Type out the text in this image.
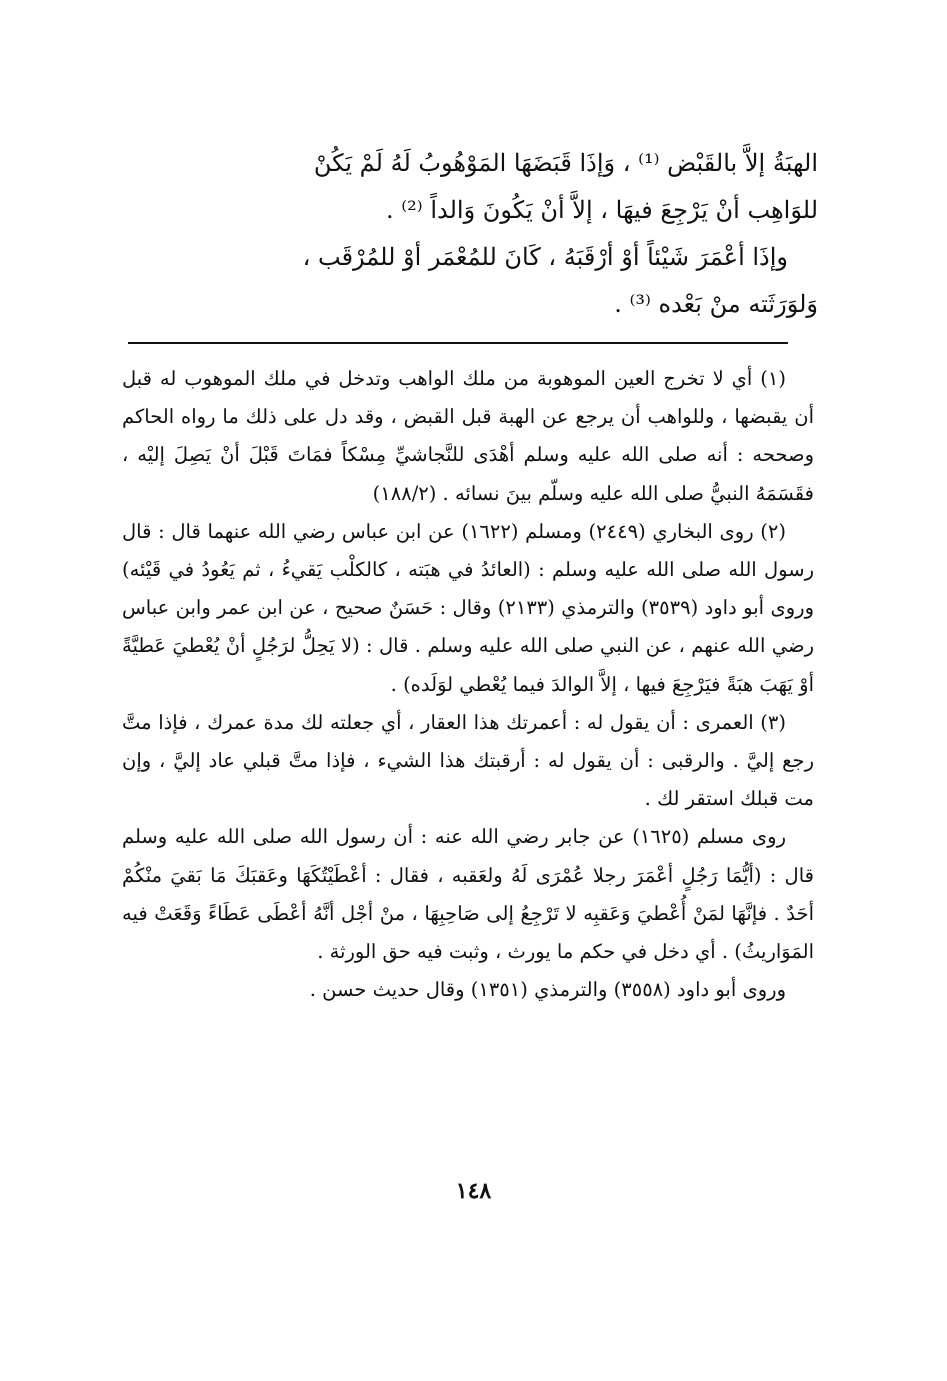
الهبَةُ إلاَّ بالقَبْض ⁽¹⁾ ، وَإذَا قَبَضَهَا المَوْهُوبُ لَهُ لَمْ يَكُنْ

للوَاهِب أنْ يَرْجِعَ فيهَا ، إلاَّ أنْ يَكُونَ وَالداً ⁽²⁾ .

وإذَا أعْمَرَ شَيْئاً أوْ أرْقَبَهُ ، كَانَ للمُعْمَر أوْ للمُرْقَب ،

وَلوَرَثَته منْ بَعْده ⁽³⁾ .

(١) أي لا تخرج العين الموهوبة من ملك الواهب وتدخل في ملك الموهوب له قبل أن يقبضها ، وللواهب أن يرجع عن الهبة قبل القبض ، وقد دل على ذلك ما رواه الحاكم وصححه : أنه صلى الله عليه وسلم أهْدَى للنَّجاشيِّ مِسْكاً فمَاتَ قَبْلَ أنْ يَصِلَ إليْه ، فقَسَمَهُ النبيُّ صلى الله عليه وسلّم بينَ نسائه . (١٨٨/٢)

(٢) روى البخاري (٢٤٤٩) ومسلم (١٦٢٢) عن ابن عباس رضي الله عنهما قال : قال رسول الله صلى الله عليه وسلم : (العائدُ في هبَته ، كالكلْب يَقيءُ ، ثم يَعُودُ في قَيْئه) وروى أبو داود (٣٥٣٩) والترمذي (٢١٣٣) وقال : حَسَنٌ صحيح ، عن ابن عمر وابن عباس رضي الله عنهم ، عن النبي صلى الله عليه وسلم . قال : (لا يَحِلُّ لرَجُلٍ أنْ يُعْطيَ عَطيَّةً أوْ يَهَبَ هبَةً فيَرْجِعَ فيها ، إلاَّ الوالدَ فيما يُعْطي لوَلَده) .

(٣) العمرى : أن يقول له : أعمرتك هذا العقار ، أي جعلته لك مدة عمرك ، فإذا متَّ رجع إليَّ . والرقبى : أن يقول له : أرقبتك هذا الشيء ، فإذا متَّ قبلي عاد إليَّ ، وإن مت قبلك استقر لك .

روى مسلم (١٦٢٥) عن جابر رضي الله عنه : أن رسول الله صلى الله عليه وسلم قال : (أيُّمَا رَجُلٍ أعْمَرَ رجلا عُمْرَى لَهُ ولعَقبه ، فقال : أعْطَيْتُكَهَا وعَقبَكَ مَا بَقيَ منْكُمْ أحَدٌ . فإنَّهَا لمَنْ أُعْطيَ وَعَقبِه لا تَرْجِعُ إلى صَاحِبِهَا ، منْ أجْل أنَّهُ أعْطَى عَطَاءً وَقَعَتْ فيه المَوَاريثُ) . أي دخل في حكم ما يورث ، وثبت فيه حق الورثة .

وروى أبو داود (٣٥٥٨) والترمذي (١٣٥١) وقال حديث حسن .

١٤٨
